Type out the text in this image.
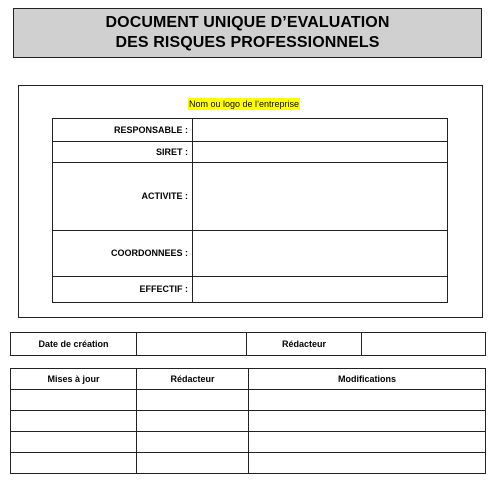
DOCUMENT UNIQUE D’EVALUATION
DES RISQUES PROFESSIONNELS
Nom ou logo de l’entreprise
RESPONSABLE :	
SIRET :	
ACTIVITE :	
COORDONNEES :	
EFFECTIF :	
Date de création		Rédacteur	
Mises à jour	Rédacteur	Modifications
